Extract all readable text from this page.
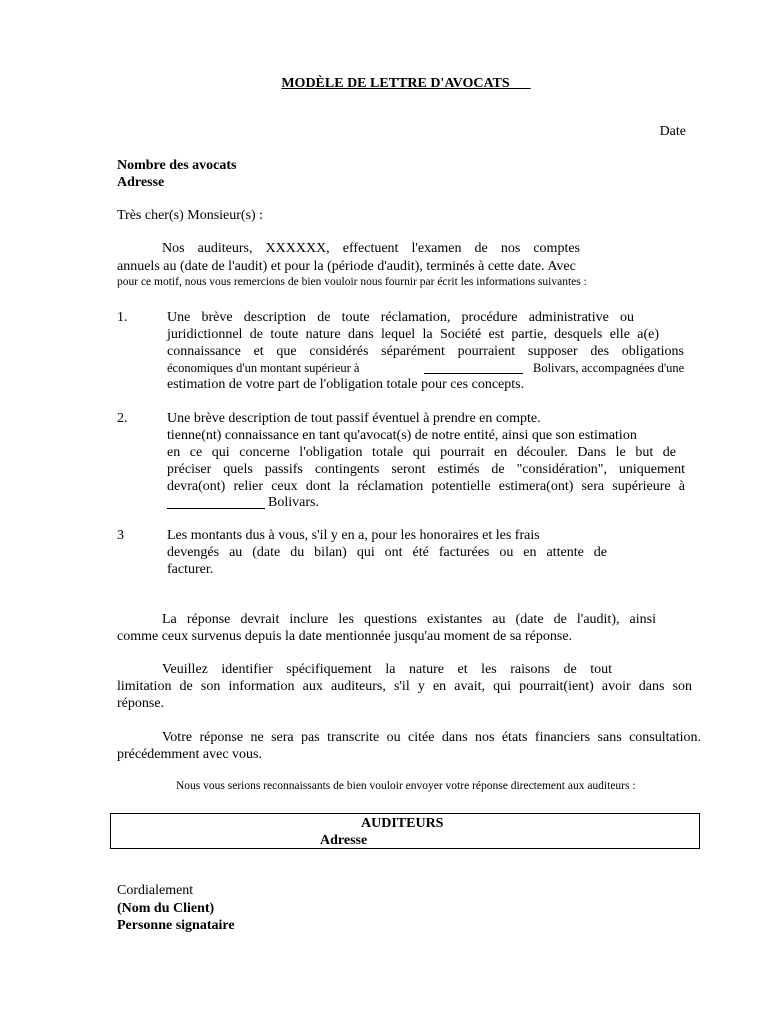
MODÈLE DE LETTRE D'AVOCATS___
Date
Nombre des avocats
Adresse
Très cher(s) Monsieur(s) :
Nos auditeurs, XXXXXX, effectuent l'examen de nos comptes
annuels au (date de l'audit) et pour la (période d'audit), terminés à cette date. Avec
pour ce motif, nous vous remercions de bien vouloir nous fournir par écrit les informations suivantes :
1.	Une brève description de toute réclamation, procédure administrative ou
juridictionnel de toute nature dans lequel la Société est partie, desquels elle a(e)
connaissance et que considérés séparément pourraient supposer des obligations
économiques d'un montant supérieur à	Bolivars, accompagnées d'une
estimation de votre part de l'obligation totale pour ces concepts.
2.	Une brève description de tout passif éventuel à prendre en compte.
tienne(nt) connaissance en tant qu'avocat(s) de notre entité, ainsi que son estimation
en ce qui concerne l'obligation totale qui pourrait en découler. Dans le but de
préciser quels passifs contingents seront estimés de "considération", uniquement
devra(ont) relier ceux dont la réclamation potentielle estimera(ont) sera supérieure à
Bolivars.
3	Les montants dus à vous, s'il y en a, pour les honoraires et les frais
devengés au (date du bilan) qui ont été facturées ou en attente de
facturer.
La réponse devrait inclure les questions existantes au (date de l'audit), ainsi
comme ceux survenus depuis la date mentionnée jusqu'au moment de sa réponse.
Veuillez identifier spécifiquement la nature et les raisons de tout
limitation de son information aux auditeurs, s'il y en avait, qui pourrait(ient) avoir dans son
réponse.
Votre réponse ne sera pas transcrite ou citée dans nos états financiers sans consultation.
précédemment avec vous.
Nous vous serions reconnaissants de bien vouloir envoyer votre réponse directement aux auditeurs :
AUDITEURS
Adresse
Cordialement
(Nom du Client)
Personne signataire
